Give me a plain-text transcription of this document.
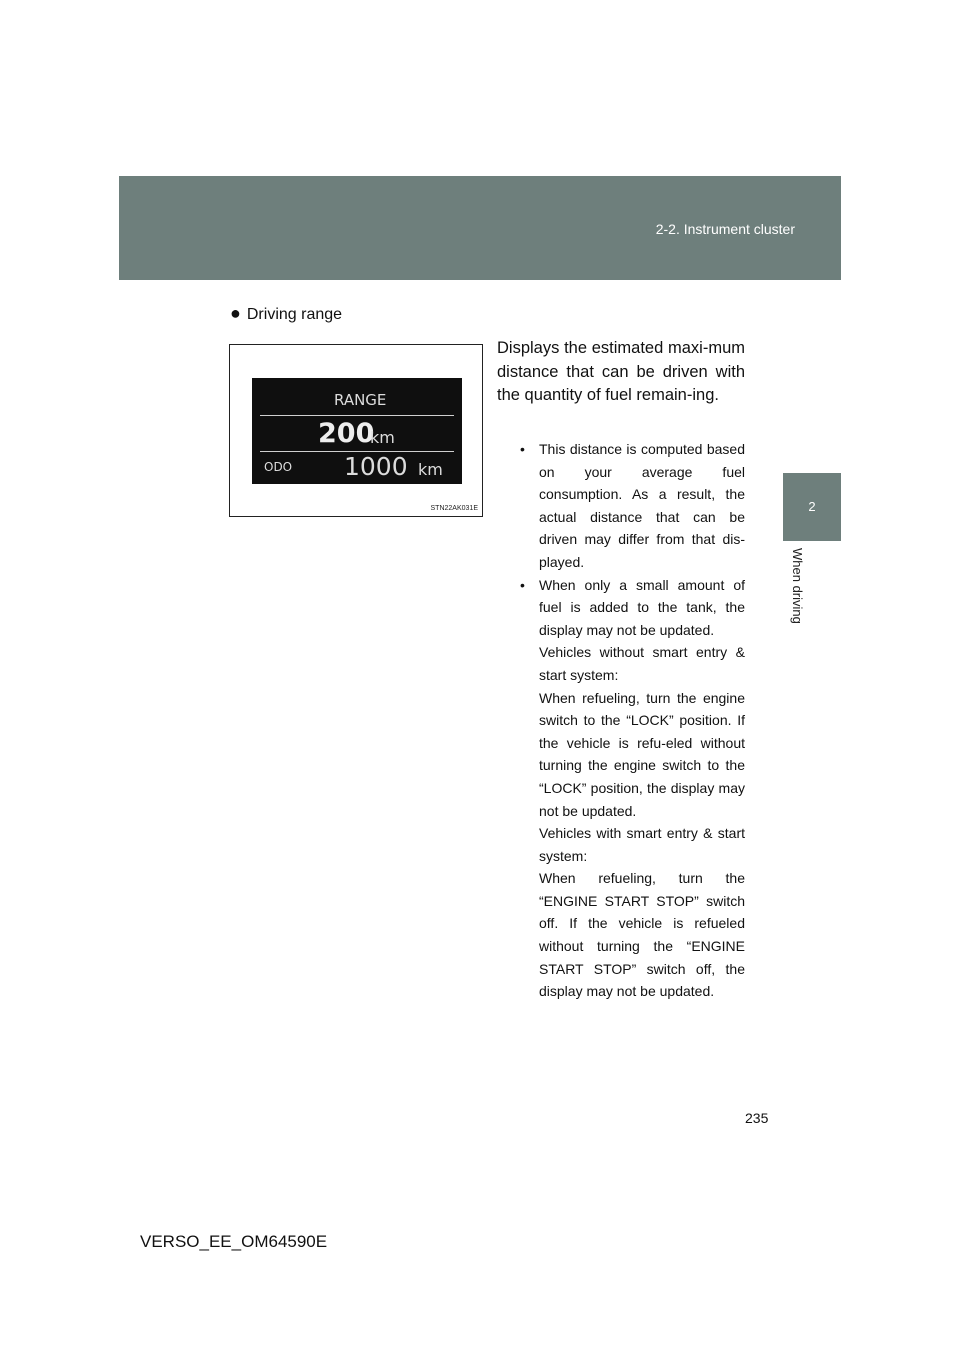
2-2. Instrument cluster
2
When driving
● Driving range
RANGE
200
km
ODO 1000 km
STN22AK031E
Displays the estimated maxi-mum distance that can be driven with the quantity of fuel remain-ing.
• This distance is computed based on your average fuel consumption. As a result, the actual distance that can be driven may differ from that dis-played.
• When only a small amount of fuel is added to the tank, the display may not be updated.
Vehicles without smart entry & start system:
When refueling, turn the engine switch to the “LOCK” position. If the vehicle is refu-eled without turning the engine switch to the “LOCK” position, the display may not be updated.
Vehicles with smart entry & start system:
When refueling, turn the “ENGINE START STOP” switch off. If the vehicle is refueled without turning the “ENGINE START STOP” switch off, the display may not be updated.
235
VERSO_EE_OM64590E
